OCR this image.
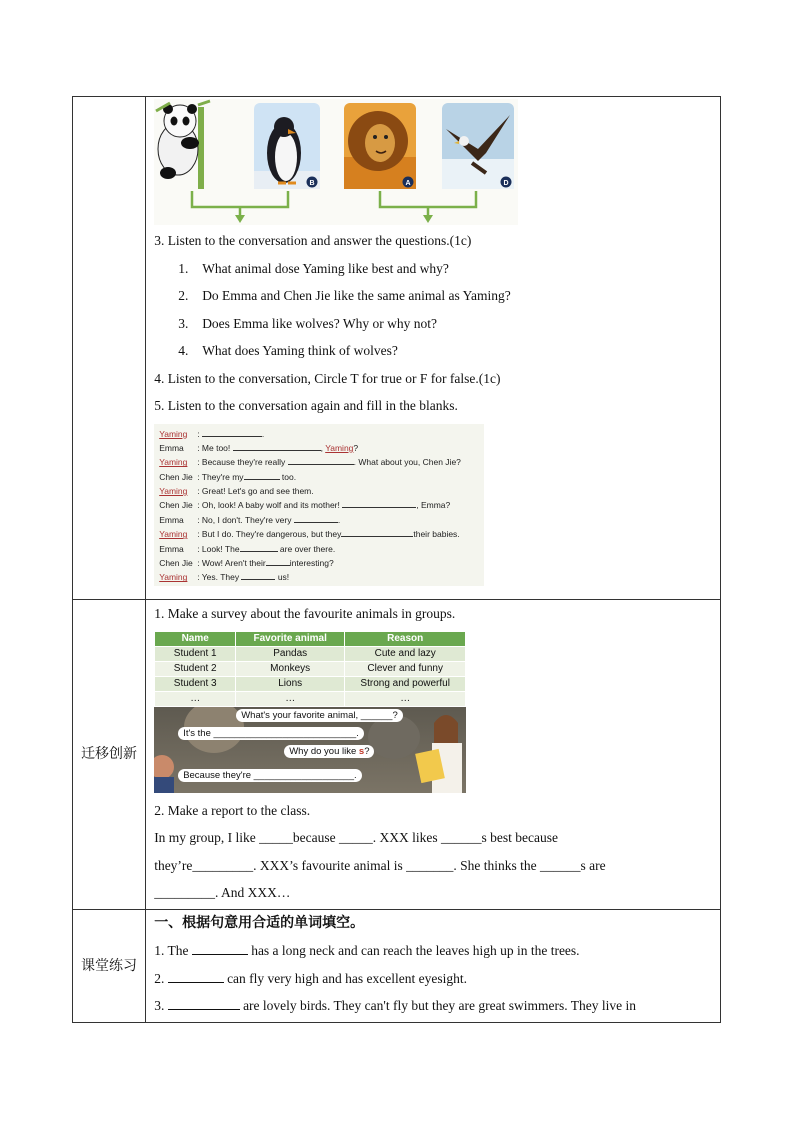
B	A	D
3. Listen to the conversation and answer the questions.(1c)
1. What animal dose Yaming like best and why?
2. Do Emma and Chen Jie like the same animal as Yaming?
3. Does Emma like wolves? Why or why not?
4. What does Yaming think of wolves?
4. Listen to the conversation, Circle T for true or F for false.(1c)
5. Listen to the conversation again and fill in the blanks.
Yaming :	.
Emma : Me too!	, Yaming?
Yaming : Because they're really	. What about you, Chen Jie?
Chen Jie : They're my	too.
Yaming : Great! Let's go and see them.
Chen Jie : Oh, look! A baby wolf and its mother!	, Emma?
Emma : No, I don't. They're very	.
Yaming : But I do. They're dangerous, but they	their babies.
Emma : Look! The	are over there.
Chen Jie : Wow! Aren't their	interesting?
Yaming : Yes. They	us!

迁移创新

1. Make a survey about the favourite animals in groups.
Name	Favorite animal	Reason
Student 1	Pandas	Cute and lazy
Student 2	Monkeys	Clever and funny
Student 3	Lions	Strong and powerful
…	…	…
What's your favorite animal, ______?
It's the ___________________________.
Why do you like s?
Because they're ___________________.
2. Make a report to the class.
In my group, I like _____because _____. XXX likes ______s best because
they’re_________. XXX’s favourite animal is _______. She thinks the ______s are
_________. And XXX…

课堂练习

一、根据句意用合适的单词填空。
1. The	has a long neck and can reach the leaves high up in the trees.
2.	can fly very high and has excellent eyesight.
3.	are lovely birds. They can't fly but they are great swimmers. They live in
